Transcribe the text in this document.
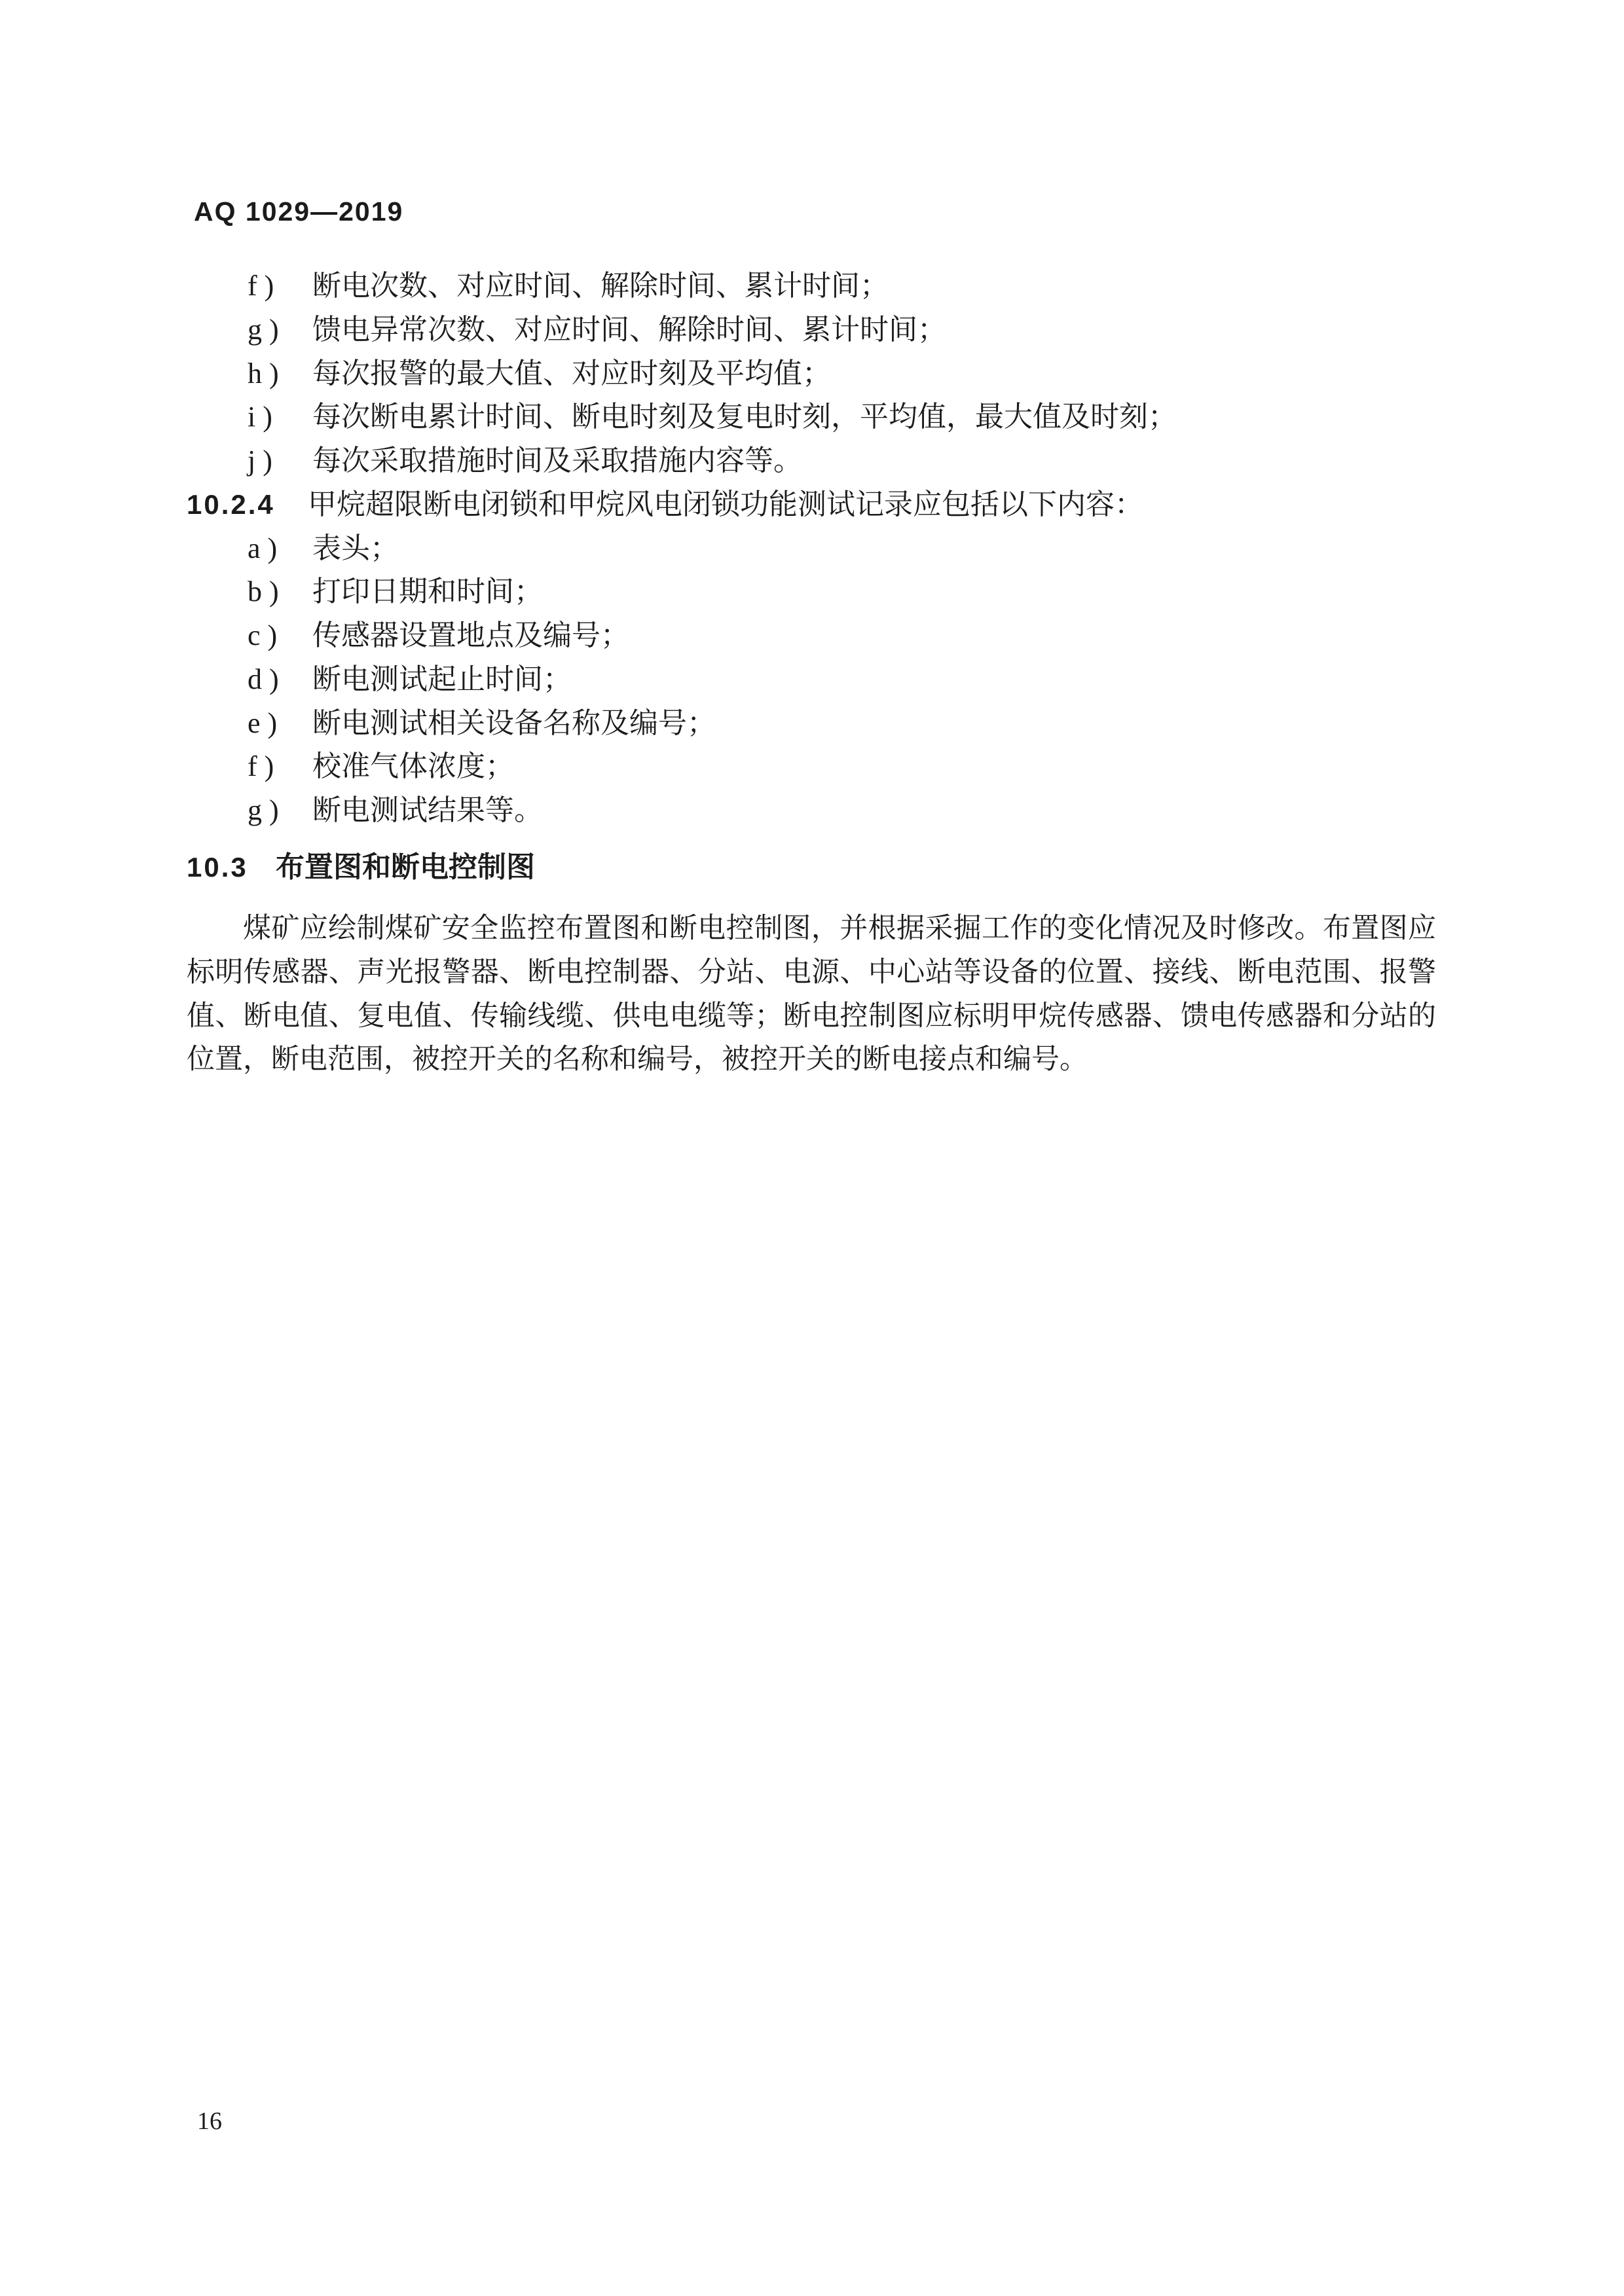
AQ 1029—2019
f ) 断电次数、对应时间、解除时间、累计时间；
g ) 馈电异常次数、对应时间、解除时间、累计时间；
h ) 每次报警的最大值、对应时刻及平均值；
i ) 每次断电累计时间、断电时刻及复电时刻，平均值，最大值及时刻；
j ) 每次采取措施时间及采取措施内容等。
10.2.4 甲烷超限断电闭锁和甲烷风电闭锁功能测试记录应包括以下内容：
a ) 表头；
b ) 打印日期和时间；
c ) 传感器设置地点及编号；
d ) 断电测试起止时间；
e ) 断电测试相关设备名称及编号；
f ) 校准气体浓度；
g ) 断电测试结果等。
10.3 布置图和断电控制图
煤矿应绘制煤矿安全监控布置图和断电控制图，并根据采掘工作的变化情况及时修改。布置图应标明传感器、声光报警器、断电控制器、分站、电源、中心站等设备的位置、接线、断电范围、报警值、断电值、复电值、传输线缆、供电电缆等；断电控制图应标明甲烷传感器、馈电传感器和分站的位置，断电范围，被控开关的名称和编号，被控开关的断电接点和编号。
16
